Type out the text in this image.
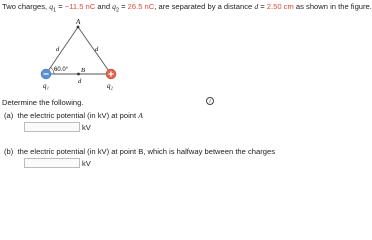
Two charges, $q_1 = -11.5$ nC and $q_2 = 26.5$ nC, are separated by a distance d = 2.50 cm as shown in the figure.
A
d	d
60.0° B
d
q₁	q₂
Determine the following.	i
(a) the electric potential (in kV) at point A
kV
(b) the electric potential (in kV) at point B, which is halfway between the charges
kV
